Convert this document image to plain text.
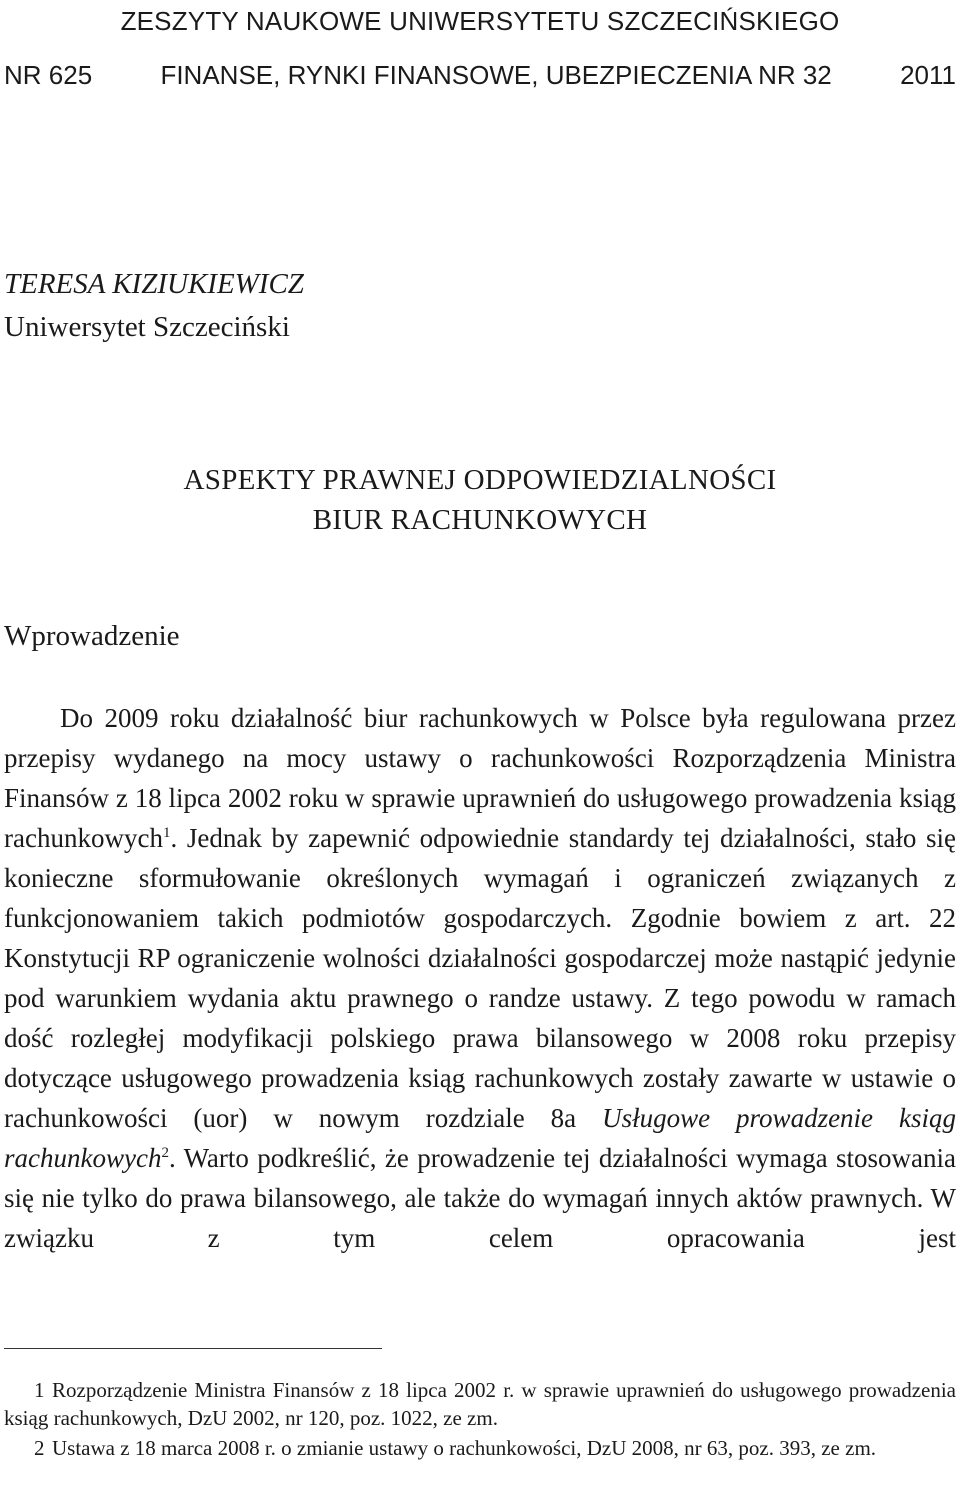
ZESZYTY NAUKOWE UNIWERSYTETU SZCZECIŃSKIEGO
NR 625	FINANSE, RYNKI FINANSOWE, UBEZPIECZENIA NR 32	2011
TERESA KIZIUKIEWICZ
Uniwersytet Szczeciński
ASPEKTY PRAWNEJ ODPOWIEDZIALNOŚCI
BIUR RACHUNKOWYCH
Wprowadzenie

Do 2009 roku działalność biur rachunkowych w Polsce była regulowana przez przepisy wydanego na mocy ustawy o rachunkowości Rozporządzenia Ministra Finansów z 18 lipca 2002 roku w sprawie uprawnień do usługowego prowadzenia ksiąg rachunkowych$^1$. Jednak by zapewnić odpowiednie standardy tej działalności, stało się konieczne sformułowanie określonych wymagań i ograniczeń związanych z funkcjonowaniem takich podmiotów gospodarczych. Zgodnie bowiem z art. 22 Konstytucji RP ograniczenie wolności działalności gospodarczej może nastąpić jedynie pod warunkiem wydania aktu prawnego o randze ustawy. Z tego powodu w ramach dość rozległej modyfikacji polskiego prawa bilansowego w 2008 roku przepisy dotyczące usługowego prowadzenia ksiąg rachunkowych zostały zawarte w ustawie o rachunkowości (uor) w nowym rozdziale 8a Usługowe prowadzenie ksiąg rachunkowych$^2$. Warto podkreślić, że prowadzenie tej działalności wymaga stosowania się nie tylko do prawa bilansowego, ale także do wymagań innych aktów prawnych. W związku z tym celem opracowania jest

1 Rozporządzenie Ministra Finansów z 18 lipca 2002 r. w sprawie uprawnień do usługowego prowadzenia ksiąg rachunkowych, DzU 2002, nr 120, poz. 1022, ze zm.

2 Ustawa z 18 marca 2008 r. o zmianie ustawy o rachunkowości, DzU 2008, nr 63, poz. 393, ze zm.
